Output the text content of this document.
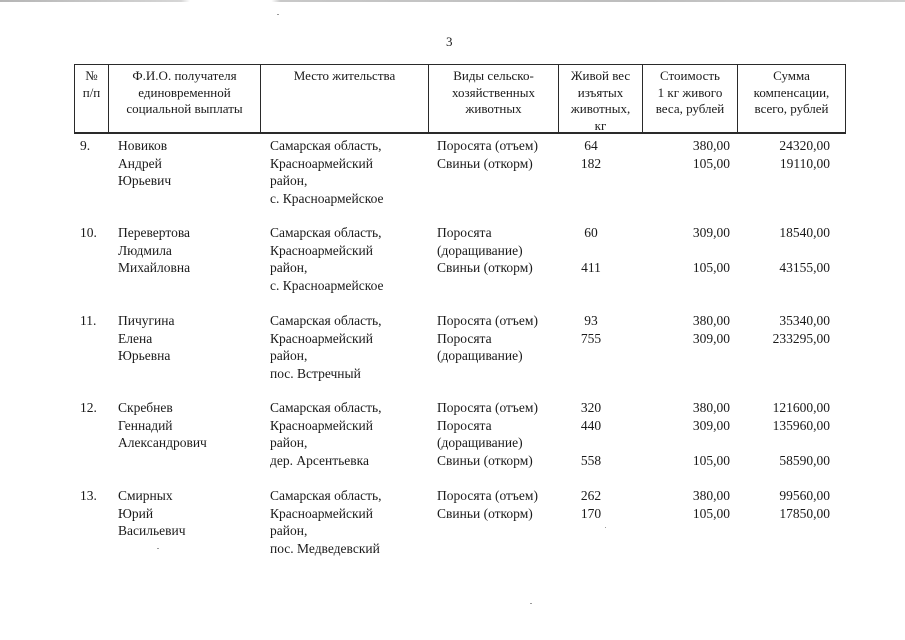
3
№
п/п
Ф.И.О. получателя
единовременной
социальной выплаты
Место жительства	Виды сельско-
хозяйственных
животных
Живой вес
изъятых
животных,
кг
Стоимость
1 кг живого
веса, рублей
Сумма
компенсации,
всего, рублей
9. Новиков
Андрей
Юрьевич
Самарская область,
Красноармейский
район,
с. Красноармейское
Поросята (отъем)
Свиньи (откорм)
64
182
380,00
105,00
24320,00
19110,00
10. Перевертова
Людмила
Михайловна
Самарская область,
Красноармейский
район,
с. Красноармейское
Поросята
(доращивание)
Свиньи (откорм)
60
411
309,00
105,00
18540,00
43155,00
11. Пичугина
Елена
Юрьевна
Самарская область,
Красноармейский
район,
пос. Встречный
Поросята (отъем)
Поросята
(доращивание)
93
755
380,00
309,00
35340,00
233295,00
12. Скребнев
Геннадий
Александрович
Самарская область,
Красноармейский
район,
дер. Арсентьевка
Поросята (отъем)
Поросята
(доращивание)
Свиньи (откорм)
320
440
558
380,00
309,00
105,00
121600,00
135960,00
58590,00
13. Смирных
Юрий
Васильевич
Самарская область,
Красноармейский
район,
пос. Медведевский
Поросята (отъем)
Свиньи (откорм)
262
170
380,00
105,00
99560,00
17850,00
